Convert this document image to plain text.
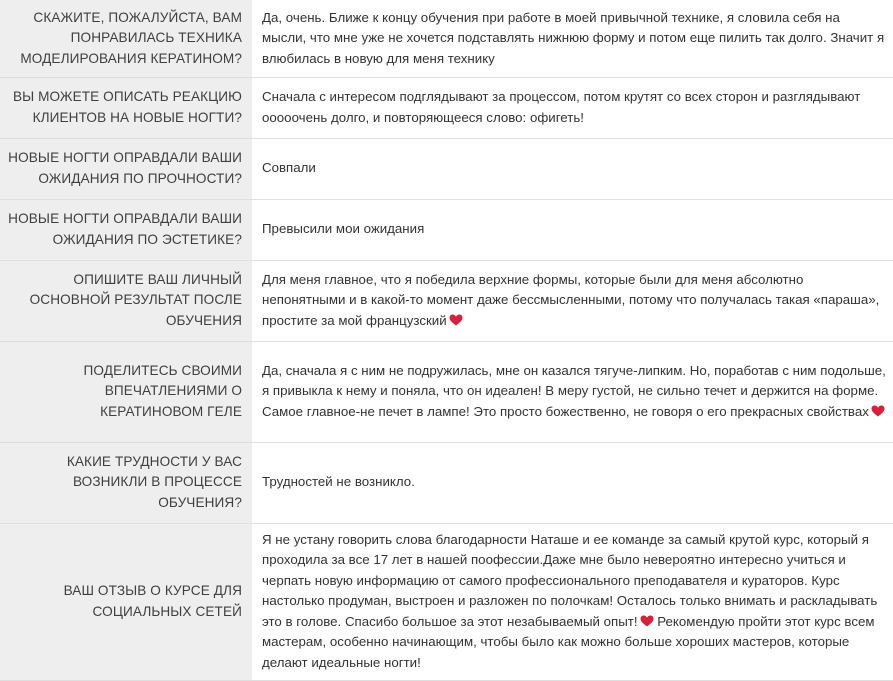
СКАЖИТЕ, ПОЖАЛУЙСТА, ВАМ ПОНРАВИЛАСЬ ТЕХНИКА МОДЕЛИРОВАНИЯ КЕРАТИНОМ?	Да, очень. Ближе к концу обучения при работе в моей привычной технике, я словила себя на мысли, что мне уже не хочется подставлять нижнюю форму и потом еще пилить так долго. Значит я влюбилась в новую для меня технику
ВЫ МОЖЕТЕ ОПИСАТЬ РЕАКЦИЮ КЛИЕНТОВ НА НОВЫЕ НОГТИ?	Сначала с интересом подглядывают за процессом, потом крутят со всех сторон и разглядывают ооооочень долго, и повторяющееся слово: офигеть!
НОВЫЕ НОГТИ ОПРАВДАЛИ ВАШИ ОЖИДАНИЯ ПО ПРОЧНОСТИ?	Совпали
НОВЫЕ НОГТИ ОПРАВДАЛИ ВАШИ ОЖИДАНИЯ ПО ЭСТЕТИКЕ?	Превысили мои ожидания
ОПИШИТЕ ВАШ ЛИЧНЫЙ ОСНОВНОЙ РЕЗУЛЬТАТ ПОСЛЕ ОБУЧЕНИЯ	Для меня главное, что я победила верхние формы, которые были для меня абсолютно непонятными и в какой-то момент даже бессмысленными, потому что получалась такая «параша», простите за мой французский

ПОДЕЛИТЕСЬ СВОИМИ ВПЕЧАТЛЕНИЯМИ О КЕРАТИНОВОМ ГЕЛЕ	Да, сначала я с ним не подружилась, мне он казался тягуче-липким. Но, поработав с ним подольше, я привыкла к нему и поняла, что он идеален! В меру густой, не сильно течет и держится на форме. Самое главное-не печет в лампе! Это просто божественно, не говоря о его прекрасных свойствах

КАКИЕ ТРУДНОСТИ У ВАС ВОЗНИКЛИ В ПРОЦЕССЕ ОБУЧЕНИЯ?	Трудностей не возникло.
ВАШ ОТЗЫВ О КУРСЕ ДЛЯ СОЦИАЛЬНЫХ СЕТЕЙ	Я не устану говорить слова благодарности Наташе и ее команде за самый крутой курс, который я проходила за все 17 лет в нашей поофессии.Даже мне было невероятно интересно учиться и черпать новую информацию от самого профессионального преподавателя и кураторов. Курс настолько продуман, выстроен и разложен по полочкам! Осталось только внимать и раскладывать это в голове. Спасибо большое за этот незабываемый опыт!
Рекомендую пройти этот курс всем мастерам, особенно начинающим, чтобы было как можно больше хороших мастеров, которые делают идеальные ногти!
